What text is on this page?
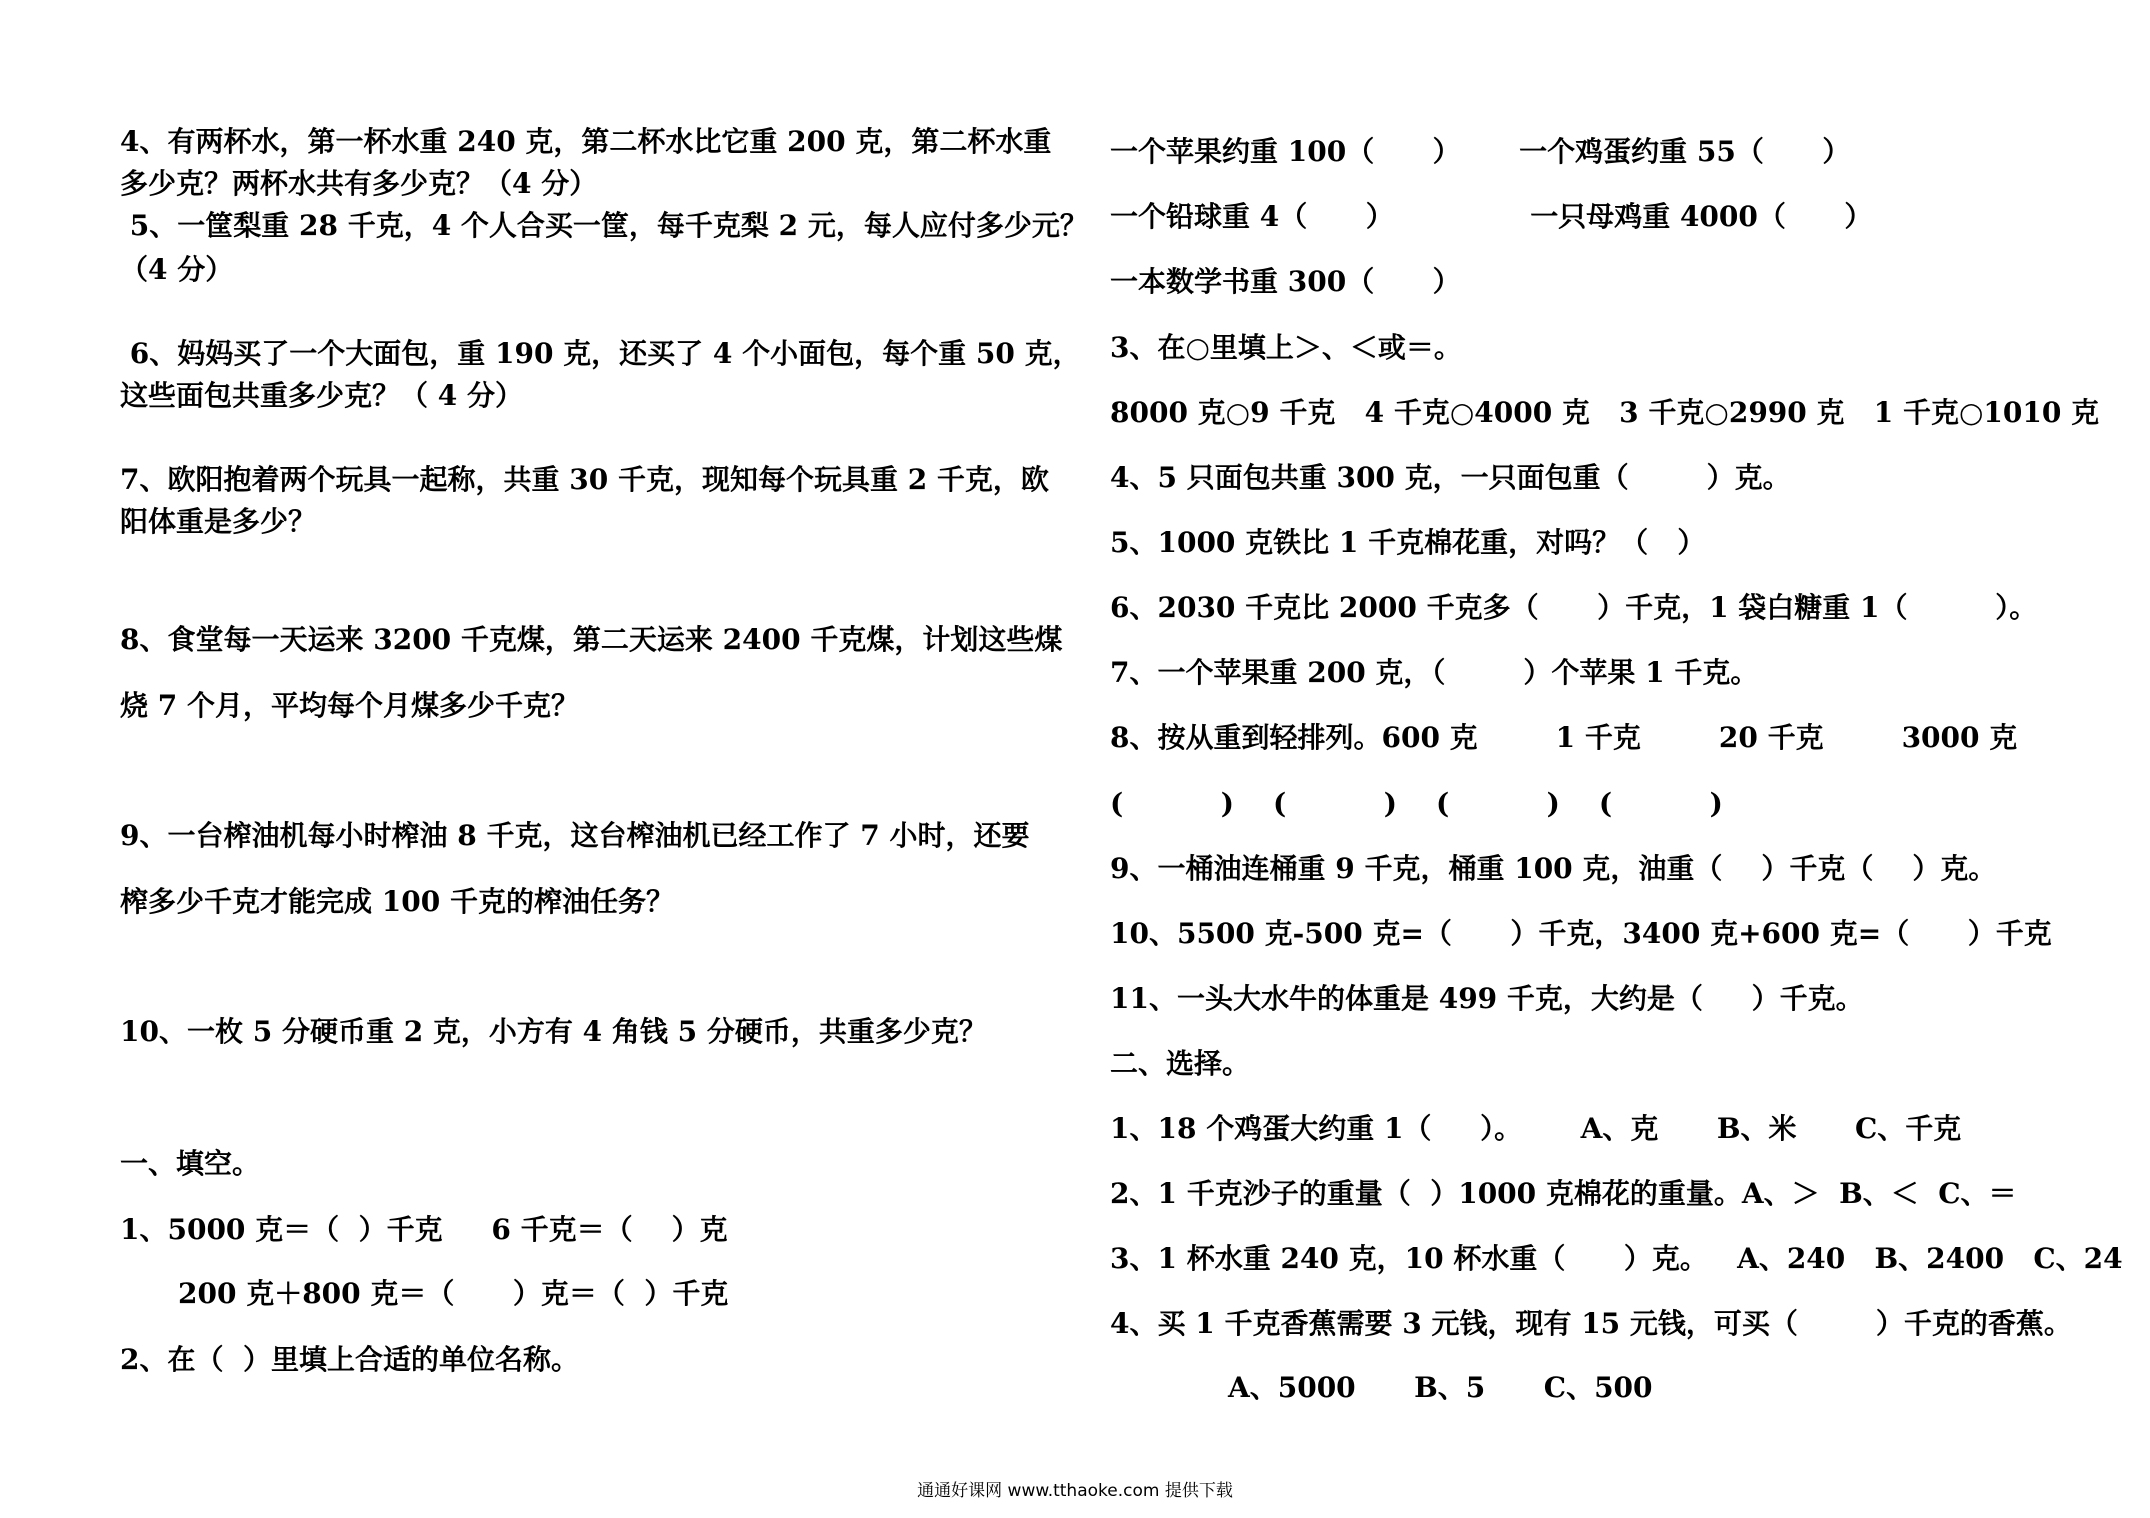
4、有两杯水，第一杯水重 240 克，第二杯水比它重 200 克，第二杯水重
多少克？两杯水共有多少克？（4 分）
5、一筐梨重 28 千克，4 个人合买一筐，每千克梨 2 元，每人应付多少元？
（4 分）
6、妈妈买了一个大面包，重 190 克，还买了 4 个小面包，每个重 50 克，
这些面包共重多少克？（ 4 分）
7、欧阳抱着两个玩具一起称，共重 30 千克，现知每个玩具重 2 千克，欧
阳体重是多少？
8、食堂每一天运来 3200 千克煤，第二天运来 2400 千克煤，计划这些煤
烧 7 个月，平均每个月煤多少千克？
9、一台榨油机每小时榨油 8 千克，这台榨油机已经工作了 7 小时，还要
榨多少千克才能完成 100 千克的榨油任务？
10、一枚 5 分硬币重 2 克，小方有 4 角钱 5 分硬币，共重多少克？
一、填空。
1、5000 克＝（  ）千克     6 千克＝（    ）克
200 克＋800 克＝（      ）克＝（  ）千克
2、在（  ）里填上合适的单位名称。
一个苹果约重 100（      ）      一个鸡蛋约重 55（      ）
一个铅球重 4（      ）              一只母鸡重 4000（      ）
一本数学书重 300（      ）
3、在○里填上＞、＜或＝。
8000 克○9 千克   4 千克○4000 克   3 千克○2990 克   1 千克○1010 克
4、5 只面包共重 300 克，一只面包重（        ）克。
5、1000 克铁比 1 千克棉花重，对吗？（   ）
6、2030 千克比 2000 千克多（      ）千克，1 袋白糖重 1（         ）。
7、一个苹果重 200 克，（        ）个苹果 1 千克。
8、按从重到轻排列。600 克        1 千克        20 千克        3000 克
(          )    (          )    (          )    (          )
9、一桶油连桶重 9 千克，桶重 100 克，油重（    ）千克（    ）克。
10、5500 克-500 克=（      ）千克，3400 克+600 克=（      ）千克
11、一头大水牛的体重是 499 千克，大约是（     ）千克。
二、选择。
1、18 个鸡蛋大约重 1（     ）。      A、克      B、米      C、千克
2、1 千克沙子的重量（  ）1000 克棉花的重量。A、＞  B、＜  C、＝
3、1 杯水重 240 克，10 杯水重（      ）克。   A、240   B、2400   C、24
4、买 1 千克香蕉需要 3 元钱，现有 15 元钱，可买（        ）千克的香蕉。
A、5000      B、5      C、500
通通好课网 www.tthaoke.com 提供下载
